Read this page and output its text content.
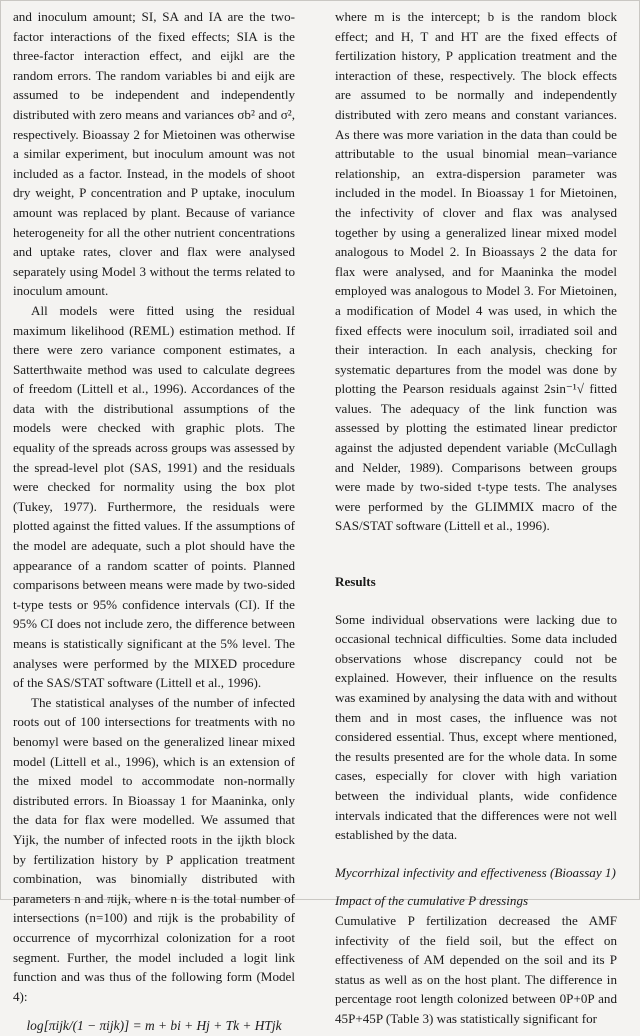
and inoculum amount; SI, SA and IA are the two-factor interactions of the fixed effects; SIA is the three-factor interaction effect, and eijkl are the random errors. The random variables bi and eijk are assumed to be independent and independently distributed with zero means and variances σb² and σ², respectively. Bioassay 2 for Mietoinen was otherwise a similar experiment, but inoculum amount was not included as a factor. Instead, in the models of shoot dry weight, P concentration and P uptake, inoculum amount was replaced by plant. Because of variance heterogeneity for all the other nutrient concentrations and uptake rates, clover and flax were analysed separately using Model 3 without the terms related to inoculum amount.

All models were fitted using the residual maximum likelihood (REML) estimation method. If there were zero variance component estimates, a Satterthwaite method was used to calculate degrees of freedom (Littell et al., 1996). Accordances of the data with the distributional assumptions of the models were checked with graphic plots. The equality of the spreads across groups was assessed by the spread-level plot (SAS, 1991) and the residuals were checked for normality using the box plot (Tukey, 1977). Furthermore, the residuals were plotted against the fitted values. If the assumptions of the model are adequate, such a plot should have the appearance of a random scatter of points. Planned comparisons between means were made by two-sided t-type tests or 95% confidence intervals (CI). If the 95% CI does not include zero, the difference between means is statistically significant at the 5% level. The analyses were performed by the MIXED procedure of the SAS/STAT software (Littell et al., 1996).

The statistical analyses of the number of infected roots out of 100 intersections for treatments with no benomyl were based on the generalized linear mixed model (Littell et al., 1996), which is an extension of the mixed model to accommodate non-normally distributed errors. In Bioassay 1 for Maaninka, only the data for flax were modelled. We assumed that Yijk, the number of infected roots in the ijkth block by fertilization history by P application treatment combination, was binomially distributed with parameters n and πijk, where n is the total number of intersections (n=100) and πijk is the probability of occurrence of mycorrhizal colonization for a root segment. Further, the model included a logit link function and was thus of the following form (Model 4):

log[πijk/(1 − πijk)] = m + bi + Hj + Tk + HTjk

where m is the intercept; b is the random block effect; and H, T and HT are the fixed effects of fertilization history, P application treatment and the interaction of these, respectively. The block effects are assumed to be normally and independently distributed with zero means and constant variances. As there was more variation in the data than could be attributable to the usual binomial mean–variance relationship, an extra-dispersion parameter was included in the model. In Bioassay 1 for Mietoinen, the infectivity of clover and flax was analysed together by using a generalized linear mixed model analogous to Model 2. In Bioassays 2 the data for flax were analysed, and for Maaninka the model employed was analogous to Model 3. For Mietoinen, a modification of Model 4 was used, in which the fixed effects were inoculum soil, irradiated soil and their interaction. In each analysis, checking for systematic departures from the model was done by plotting the Pearson residuals against 2sin⁻¹√ fitted values. The adequacy of the link function was assessed by plotting the estimated linear predictor against the adjusted dependent variable (McCullagh and Nelder, 1989). Comparisons between groups were made by two-sided t-type tests. The analyses were performed by the GLIMMIX macro of the SAS/STAT software (Littell et al., 1996).

Results

Some individual observations were lacking due to occasional technical difficulties. Some data included observations whose discrepancy could not be explained. However, their influence on the results was examined by analysing the data with and without them and in most cases, the influence was not considered essential. Thus, except where mentioned, the results presented are for the whole data. In some cases, especially for clover with high variation between the individual plants, wide confidence intervals indicated that the differences were not well established by the data.

Mycorrhizal infectivity and effectiveness (Bioassay 1)

Impact of the cumulative P dressings

Cumulative P fertilization decreased the AMF infectivity of the field soil, but the effect on effectiveness of AM depended on the soil and its P status as well as on the host plant. The difference in percentage root length colonized between 0P+0P and 45P+45P (Table 3) was statistically significant for
